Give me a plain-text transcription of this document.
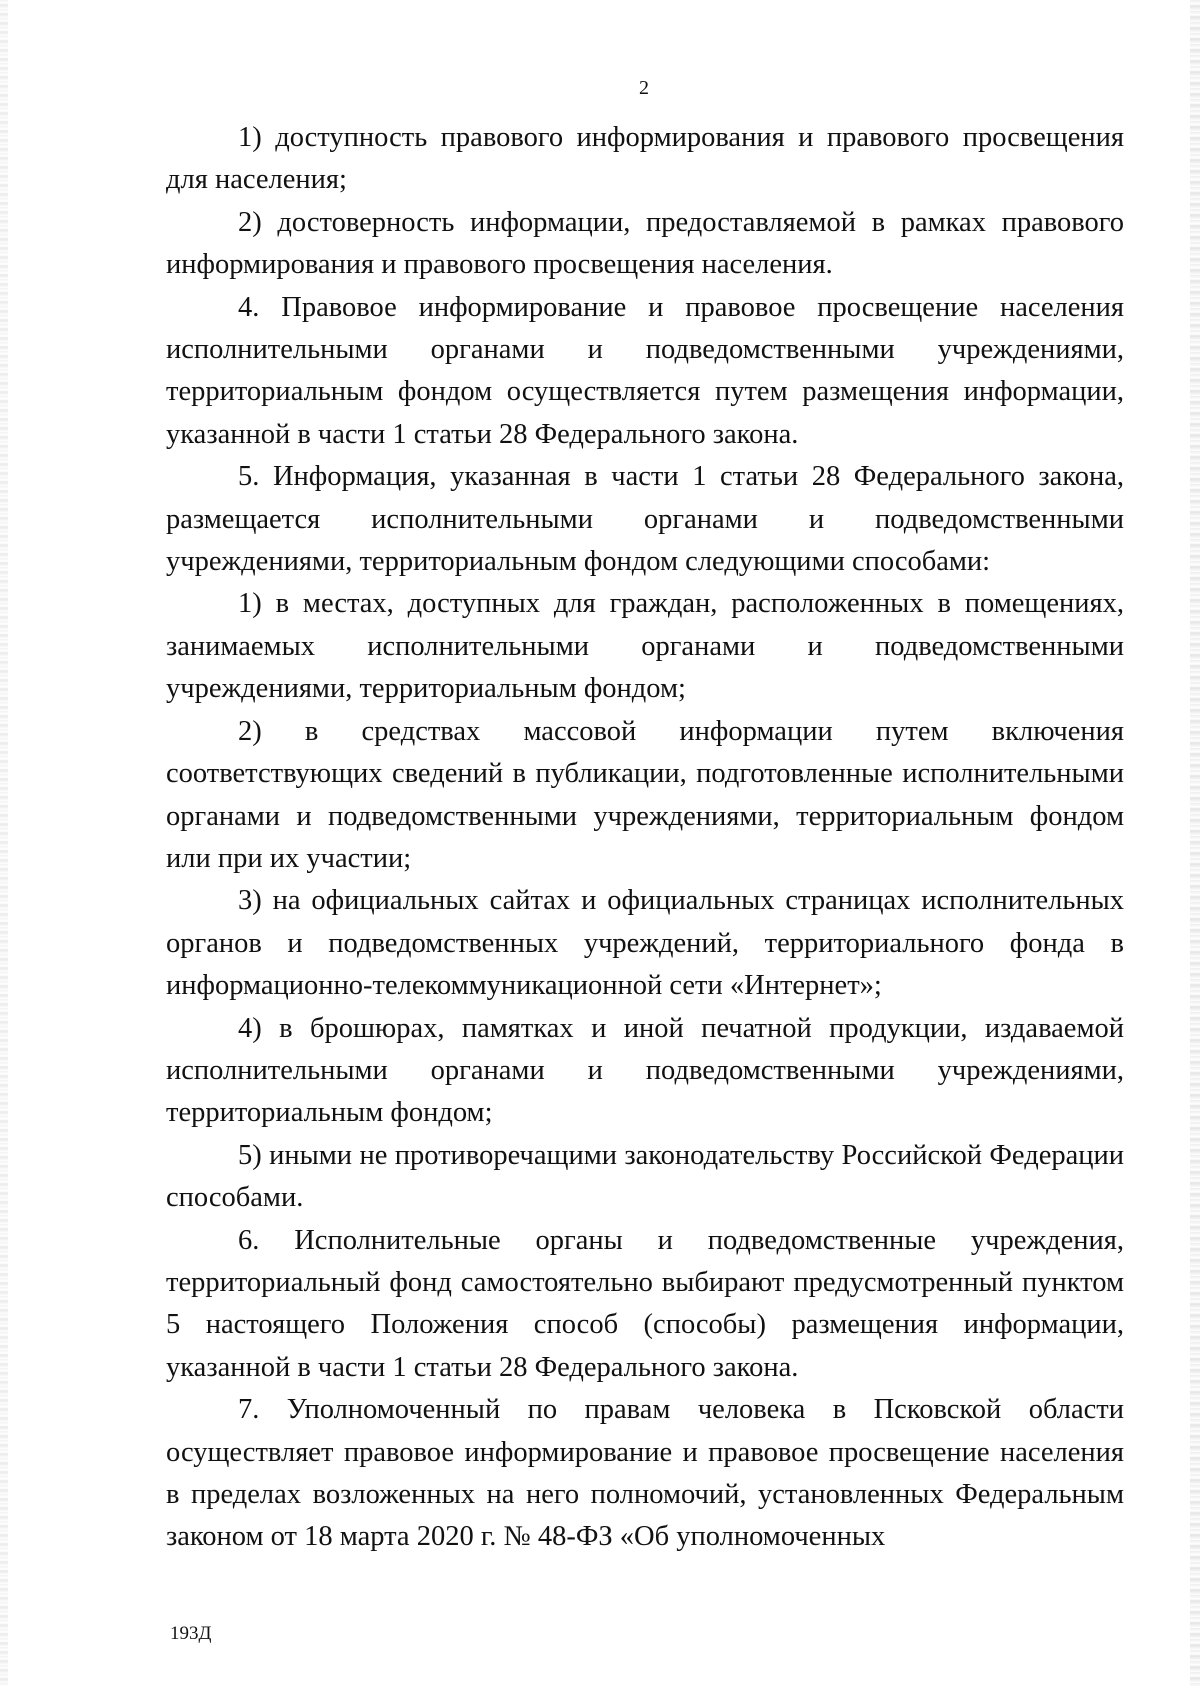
2

1) доступность правового информирования и правового просвещения для населения;

2) достоверность информации, предоставляемой в рамках правового информирования и правового просвещения населения.

4. Правовое информирование и правовое просвещение населения исполнительными органами и подведомственными учреждениями, территориальным фондом осуществляется путем размещения информации, указанной в части 1 статьи 28 Федерального закона.

5. Информация, указанная в части 1 статьи 28 Федерального закона, размещается исполнительными органами и подведомственными учреждениями, территориальным фондом следующими способами:

1) в местах, доступных для граждан, расположенных в помещениях, занимаемых исполнительными органами и подведомственными учреждениями, территориальным фондом;

2) в средствах массовой информации путем включения соответствующих сведений в публикации, подготовленные исполнительными органами и подведомственными учреждениями, территориальным фондом или при их участии;

3) на официальных сайтах и официальных страницах исполнительных органов и подведомственных учреждений, территориального фонда в информационно-телекоммуникационной сети «Интернет»;

4) в брошюрах, памятках и иной печатной продукции, издаваемой исполнительными органами и подведомственными учреждениями, территориальным фондом;

5) иными не противоречащими законодательству Российской Федерации способами.

6. Исполнительные органы и подведомственные учреждения, территориальный фонд самостоятельно выбирают предусмотренный пунктом 5 настоящего Положения способ (способы) размещения информации, указанной в части 1 статьи 28 Федерального закона.

7. Уполномоченный по правам человека в Псковской области осуществляет правовое информирование и правовое просвещение населения в пределах возложенных на него полномочий, установленных Федеральным законом от 18 марта 2020 г. № 48-ФЗ «Об уполномоченных

193Д
